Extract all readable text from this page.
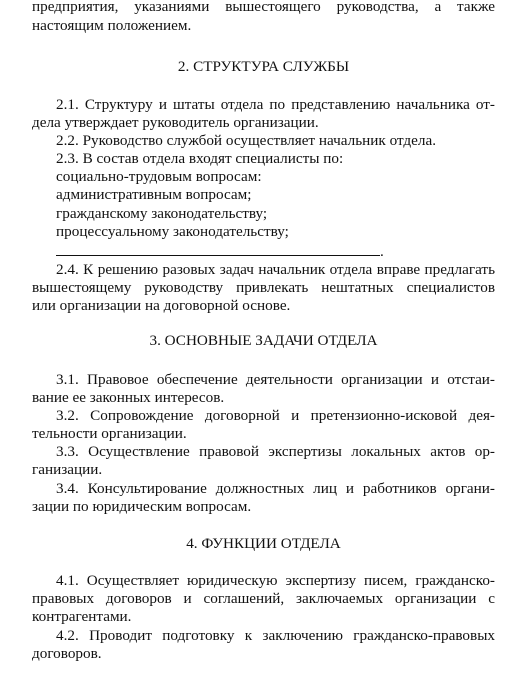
предприятия, указаниями вышестоящего руководства, а также
настоящим положением.
2. СТРУКТУРА СЛУЖБЫ
2.1. Структуру и штаты отдела по представлению начальника от-
дела утверждает руководитель организации.
2.2. Руководство службой осуществляет начальник отдела.
2.3. В состав отдела входят специалисты по:
социально-трудовым вопросам:
административным вопросам;
гражданскому законодательству;
процессуальному законодательству;
.
2.4. К решению разовых задач начальник отдела вправе предлагать
вышестоящему руководству привлекать нештатных специалистов
или организации на договорной основе.
3. ОСНОВНЫЕ ЗАДАЧИ ОТДЕЛА
3.1. Правовое обеспечение деятельности организации и отстаи-
вание ее законных интересов.
3.2. Сопровождение договорной и претензионно-исковой дея-
тельности организации.
3.3. Осуществление правовой экспертизы локальных актов ор-
ганизации.
3.4. Консультирование должностных лиц и работников органи-
зации по юридическим вопросам.
4. ФУНКЦИИ ОТДЕЛА
4.1. Осуществляет юридическую экспертизу писем, гражданско-
правовых договоров и соглашений, заключаемых организации с
контрагентами.
4.2. Проводит подготовку к заключению гражданско-правовых
договоров.
